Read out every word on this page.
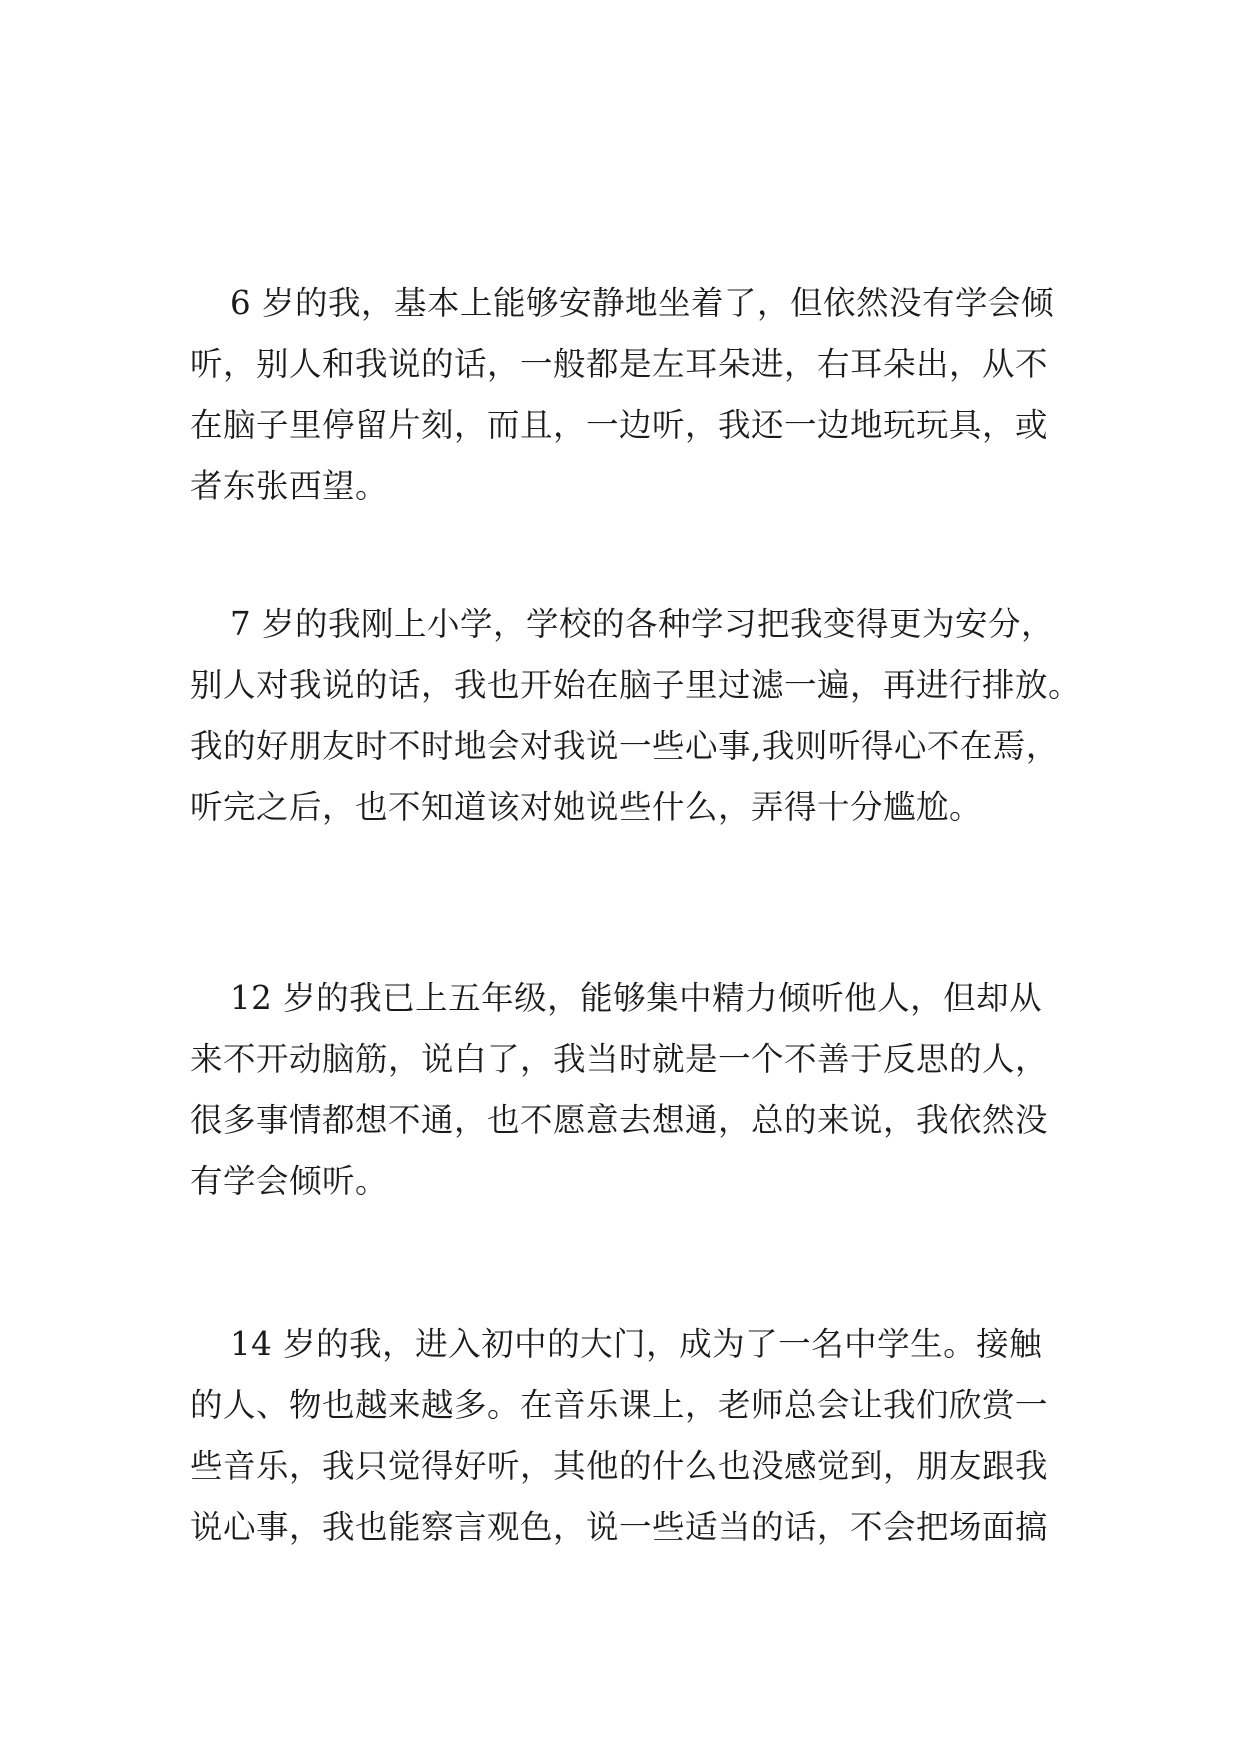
6 岁的我，基本上能够安静地坐着了，但依然没有学会倾
听，别人和我说的话，一般都是左耳朵进，右耳朵出，从不
在脑子里停留片刻，而且，一边听，我还一边地玩玩具，或
者东张西望。

7 岁的我刚上小学，学校的各种学习把我变得更为安分，
别人对我说的话，我也开始在脑子里过滤一遍，再进行排放。
我的好朋友时不时地会对我说一些心事,我则听得心不在焉，
听完之后，也不知道该对她说些什么，弄得十分尴尬。

12 岁的我已上五年级，能够集中精力倾听他人，但却从
来不开动脑筋，说白了，我当时就是一个不善于反思的人，
很多事情都想不通，也不愿意去想通，总的来说，我依然没
有学会倾听。

14 岁的我，进入初中的大门，成为了一名中学生。接触
的人、物也越来越多。在音乐课上，老师总会让我们欣赏一
些音乐，我只觉得好听，其他的什么也没感觉到，朋友跟我
说心事，我也能察言观色，说一些适当的话，不会把场面搞
